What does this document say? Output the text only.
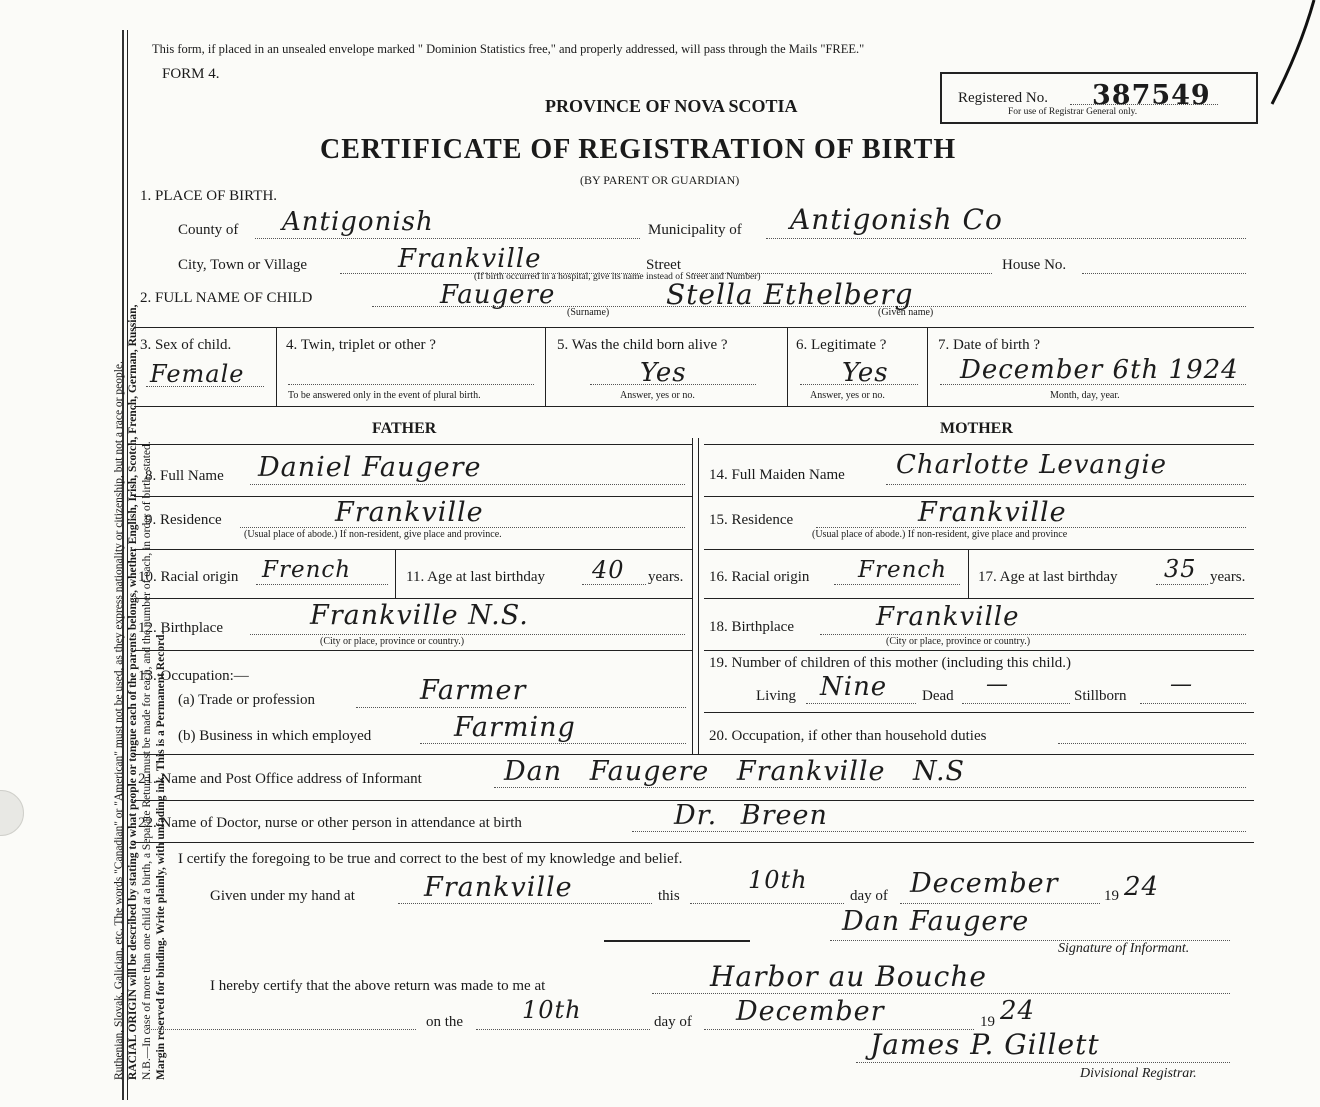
Ruthenian, Slovak, Galician, etc. The words "Canadian" or "American" must not be used, as they express nationality or citizenship, but not a race or people. RACIAL ORIGIN will be described by stating to what people or tongue each of the parents belongs, whether English, Irish, Scotch, French, German, Russian, N.B.—In case of more than one child at a birth, a Separate Return must be made for each, and the number of each, in order of birth, stated. Margin reserved for binding. Write plainly, with unfading ink. This is a Permanent Record.
This form, if placed in an unsealed envelope marked " Dominion Statistics free," and properly addressed, will pass through the Mails "FREE."
FORM 4.
PROVINCE OF NOVA SCOTIA	Registered No. 387549
For use of Registrar General only.
CERTIFICATE OF REGISTRATION OF BIRTH
(BY PARENT OR GUARDIAN)
1. PLACE OF BIRTH.
County of Antigonish	Municipality of Antigonish Co
City, Town or Village	Frankville	Street
(If birth occurred in a hospital, give its name instead of Street and Number)
House No.
2. FULL NAME OF CHILD	Faugere	Stella Ethelberg
(Surname)	(Given name)
3. Sex of child.
Female
4. Twin, triplet or other ?
To be answered only in the event of plural birth.
5. Was the child born alive ?
Yes
Answer, yes or no.
6. Legitimate ?
Yes
Answer, yes or no.
7. Date of birth ?
December 6th 1924
Month, day, year.
FATHER	MOTHER
8. Full Name Daniel Faugere
9. Residence	Frankville
(Usual place of abode.) If non-resident, give place and province.
10. Racial origin French	11. Age at last birthday 40 years.
12. Birthplace	Frankville N.S.
(City or place, province or country.)
13. Occupation:—
(a) Trade or profession	Farmer
(b) Business in which employed	Farming
14. Full Maiden Name Charlotte Levangie
15. Residence	Frankville
(Usual place of abode.) If non-resident, give place and province
16. Racial origin French 17. Age at last birthday 35 years.
18. Birthplace	Frankville
(City or place, province or country.)
19. Number of children of this mother (including this child.)
Living Nine Dead —	Stillborn —
20. Occupation, if other than household duties
21. Name and Post Office address of Informant	Dan Faugere Frankville N.S
22. Name of Doctor, nurse or other person in attendance at birth	Dr. Breen
I certify the foregoing to be true and correct to the best of my knowledge and belief.
Given under my hand at	Frankville	this
10th
day of December	19 24
Dan Faugere
Signature of Informant.
I hereby certify that the above return was made to me at	Harbor au Bouche
on the 10th	day of December	19 24
James P. Gillett
Divisional Registrar.
